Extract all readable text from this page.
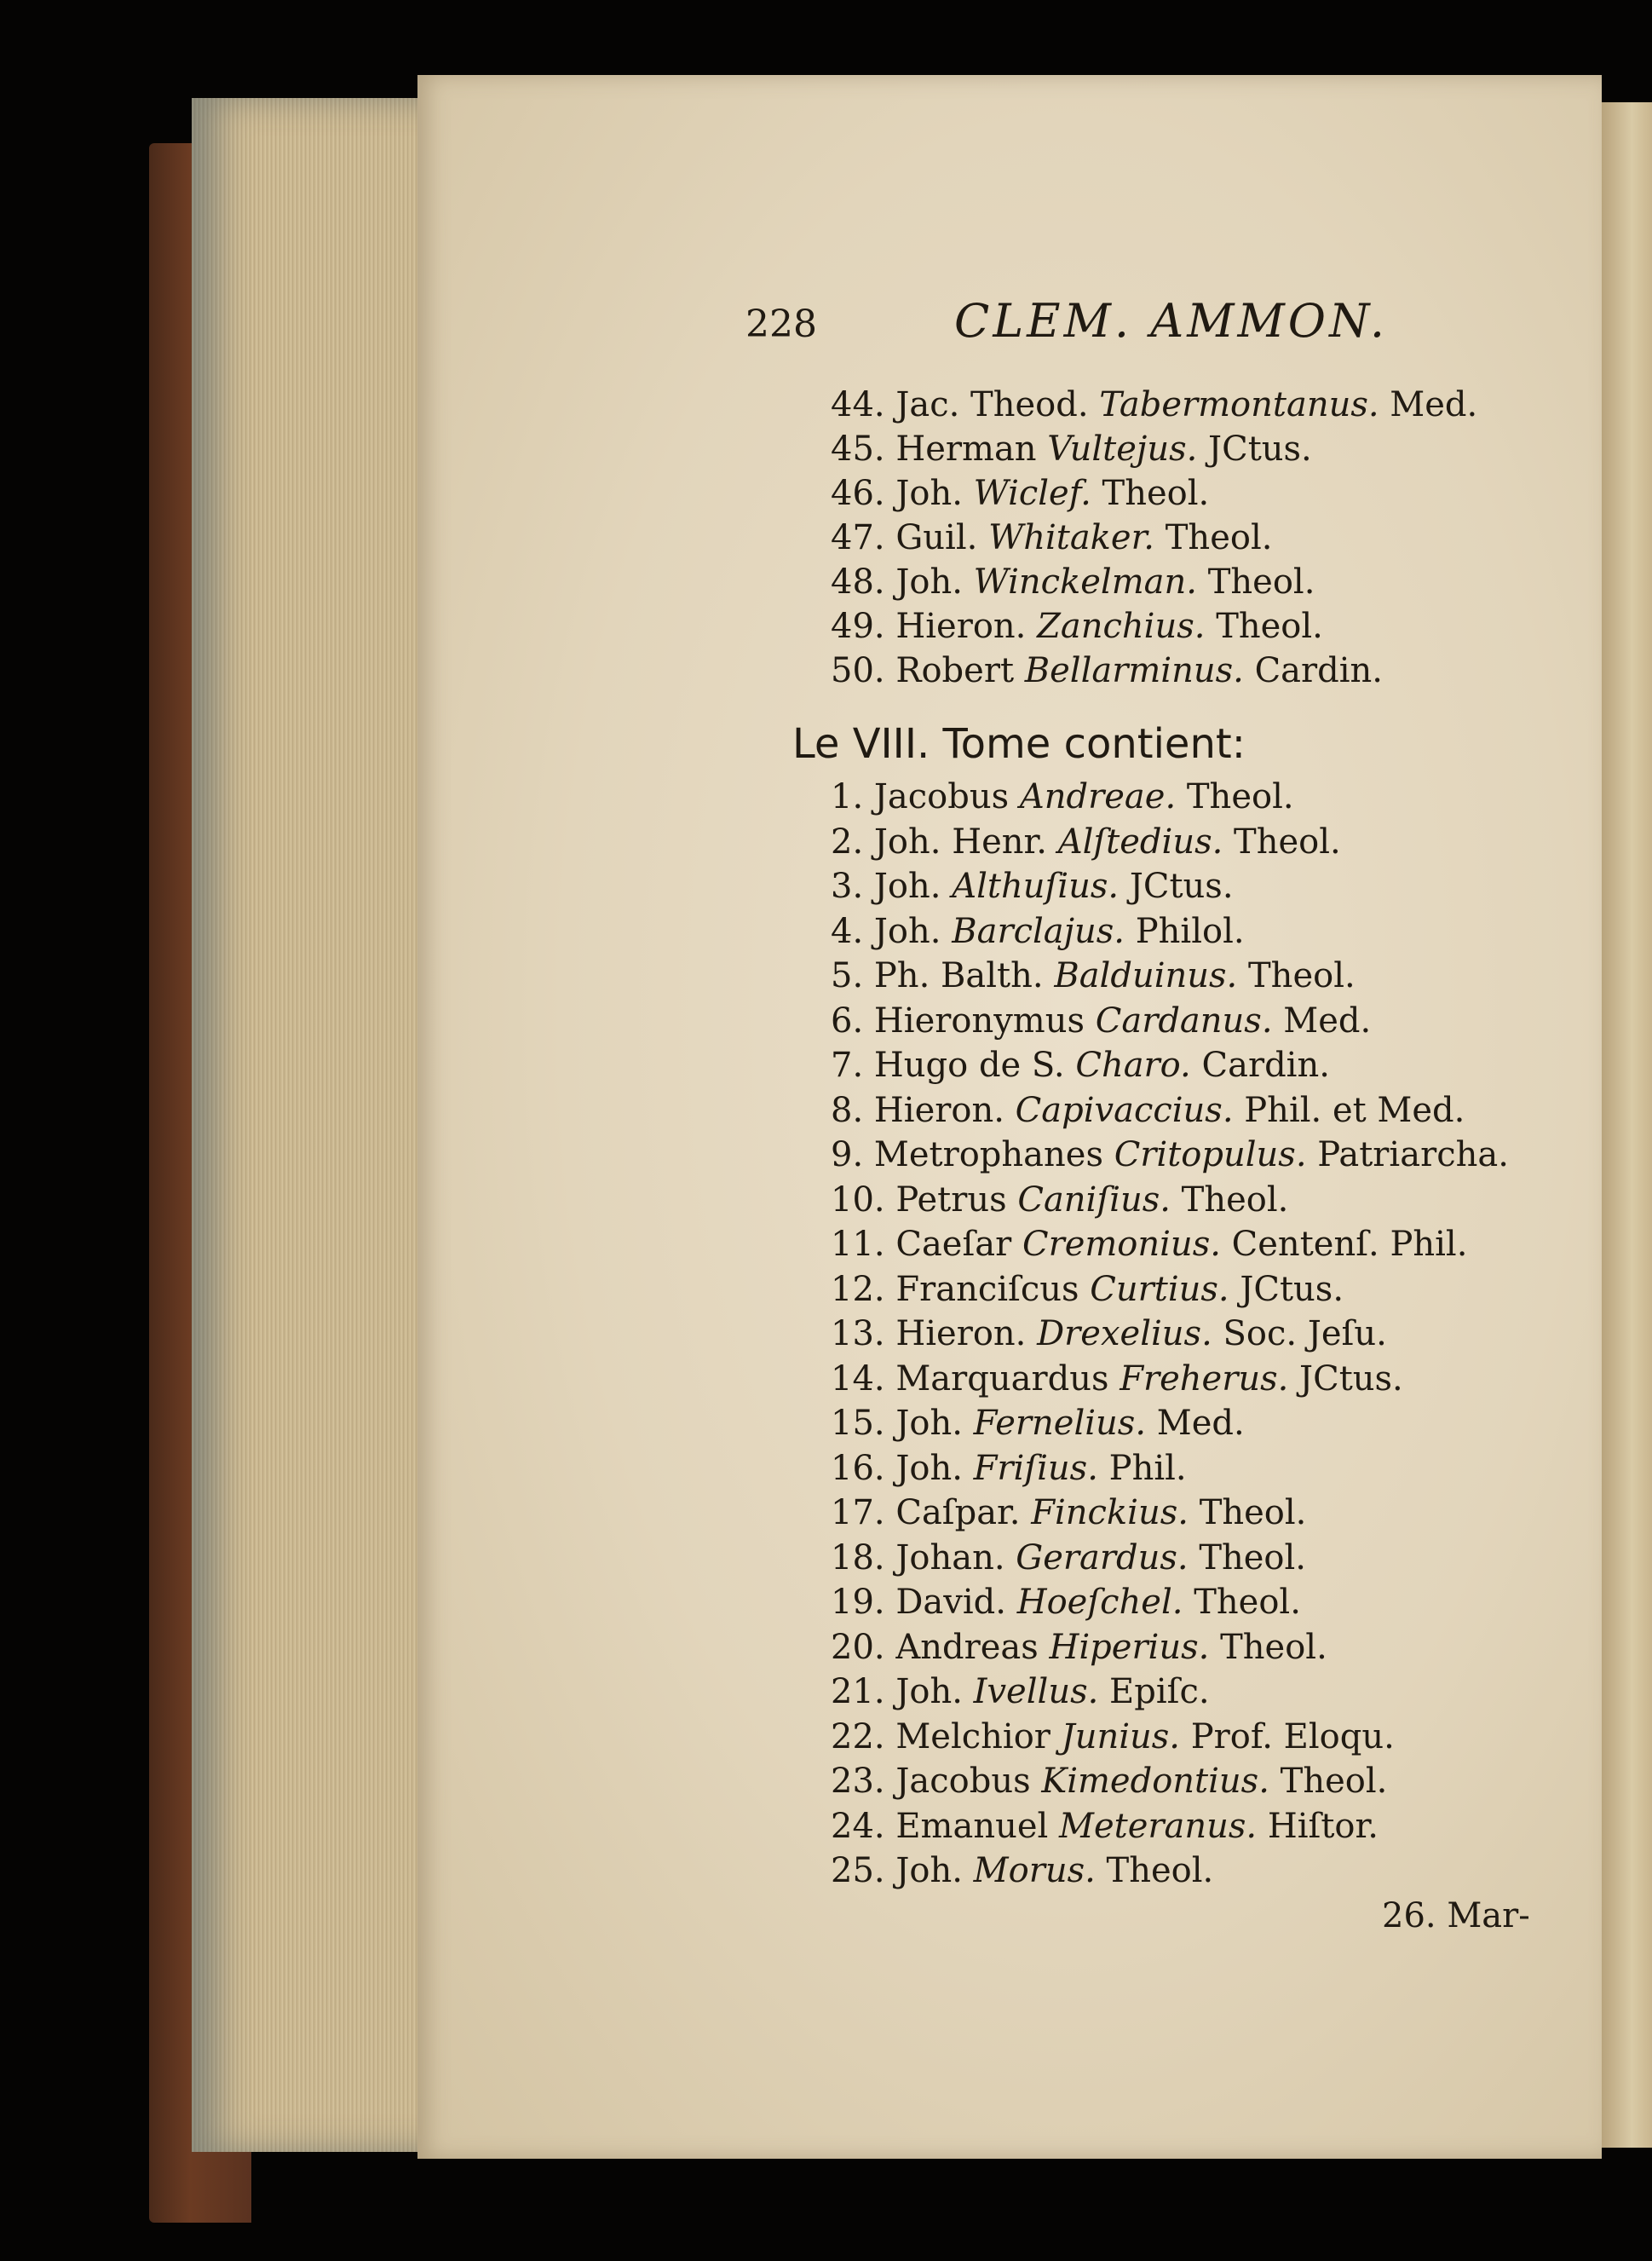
228	CLEM. AMMON.
44. Jac. Theod. Tabermontanus. Med.
45. Herman Vultejus. JCtus.
46. Joh. Wiclef. Theol.
47. Guil. Whitaker. Theol.
48. Joh. Winckelman. Theol.
49. Hieron. Zanchius. Theol.
50. Robert Bellarminus. Cardin.
Le VIII. Tome contient:
1. Jacobus Andreae. Theol.
2. Joh. Henr. Alſtedius. Theol.
3. Joh. Althuſius. JCtus.
4. Joh. Barclajus. Philol.
5. Ph. Balth. Balduinus. Theol.
6. Hieronymus Cardanus. Med.
7. Hugo de S. Charo. Cardin.
8. Hieron. Capivaccius. Phil. et Med.
9. Metrophanes Critopulus. Patriarcha.
10. Petrus Caniſius. Theol.
11. Caeſar Cremonius. Centenſ. Phil.
12. Franciſcus Curtius. JCtus.
13. Hieron. Drexelius. Soc. Jeſu.
14. Marquardus Freherus. JCtus.
15. Joh. Fernelius. Med.
16. Joh. Friſius. Phil.
17. Caſpar. Finckius. Theol.
18. Johan. Gerardus. Theol.
19. David. Hoeſchel. Theol.
20. Andreas Hiperius. Theol.
21. Joh. Ivellus. Epiſc.
22. Melchior Junius. Prof. Eloqu.
23. Jacobus Kimedontius. Theol.
24. Emanuel Meteranus. Hiſtor.
25. Joh. Morus. Theol.
26. Mar-
